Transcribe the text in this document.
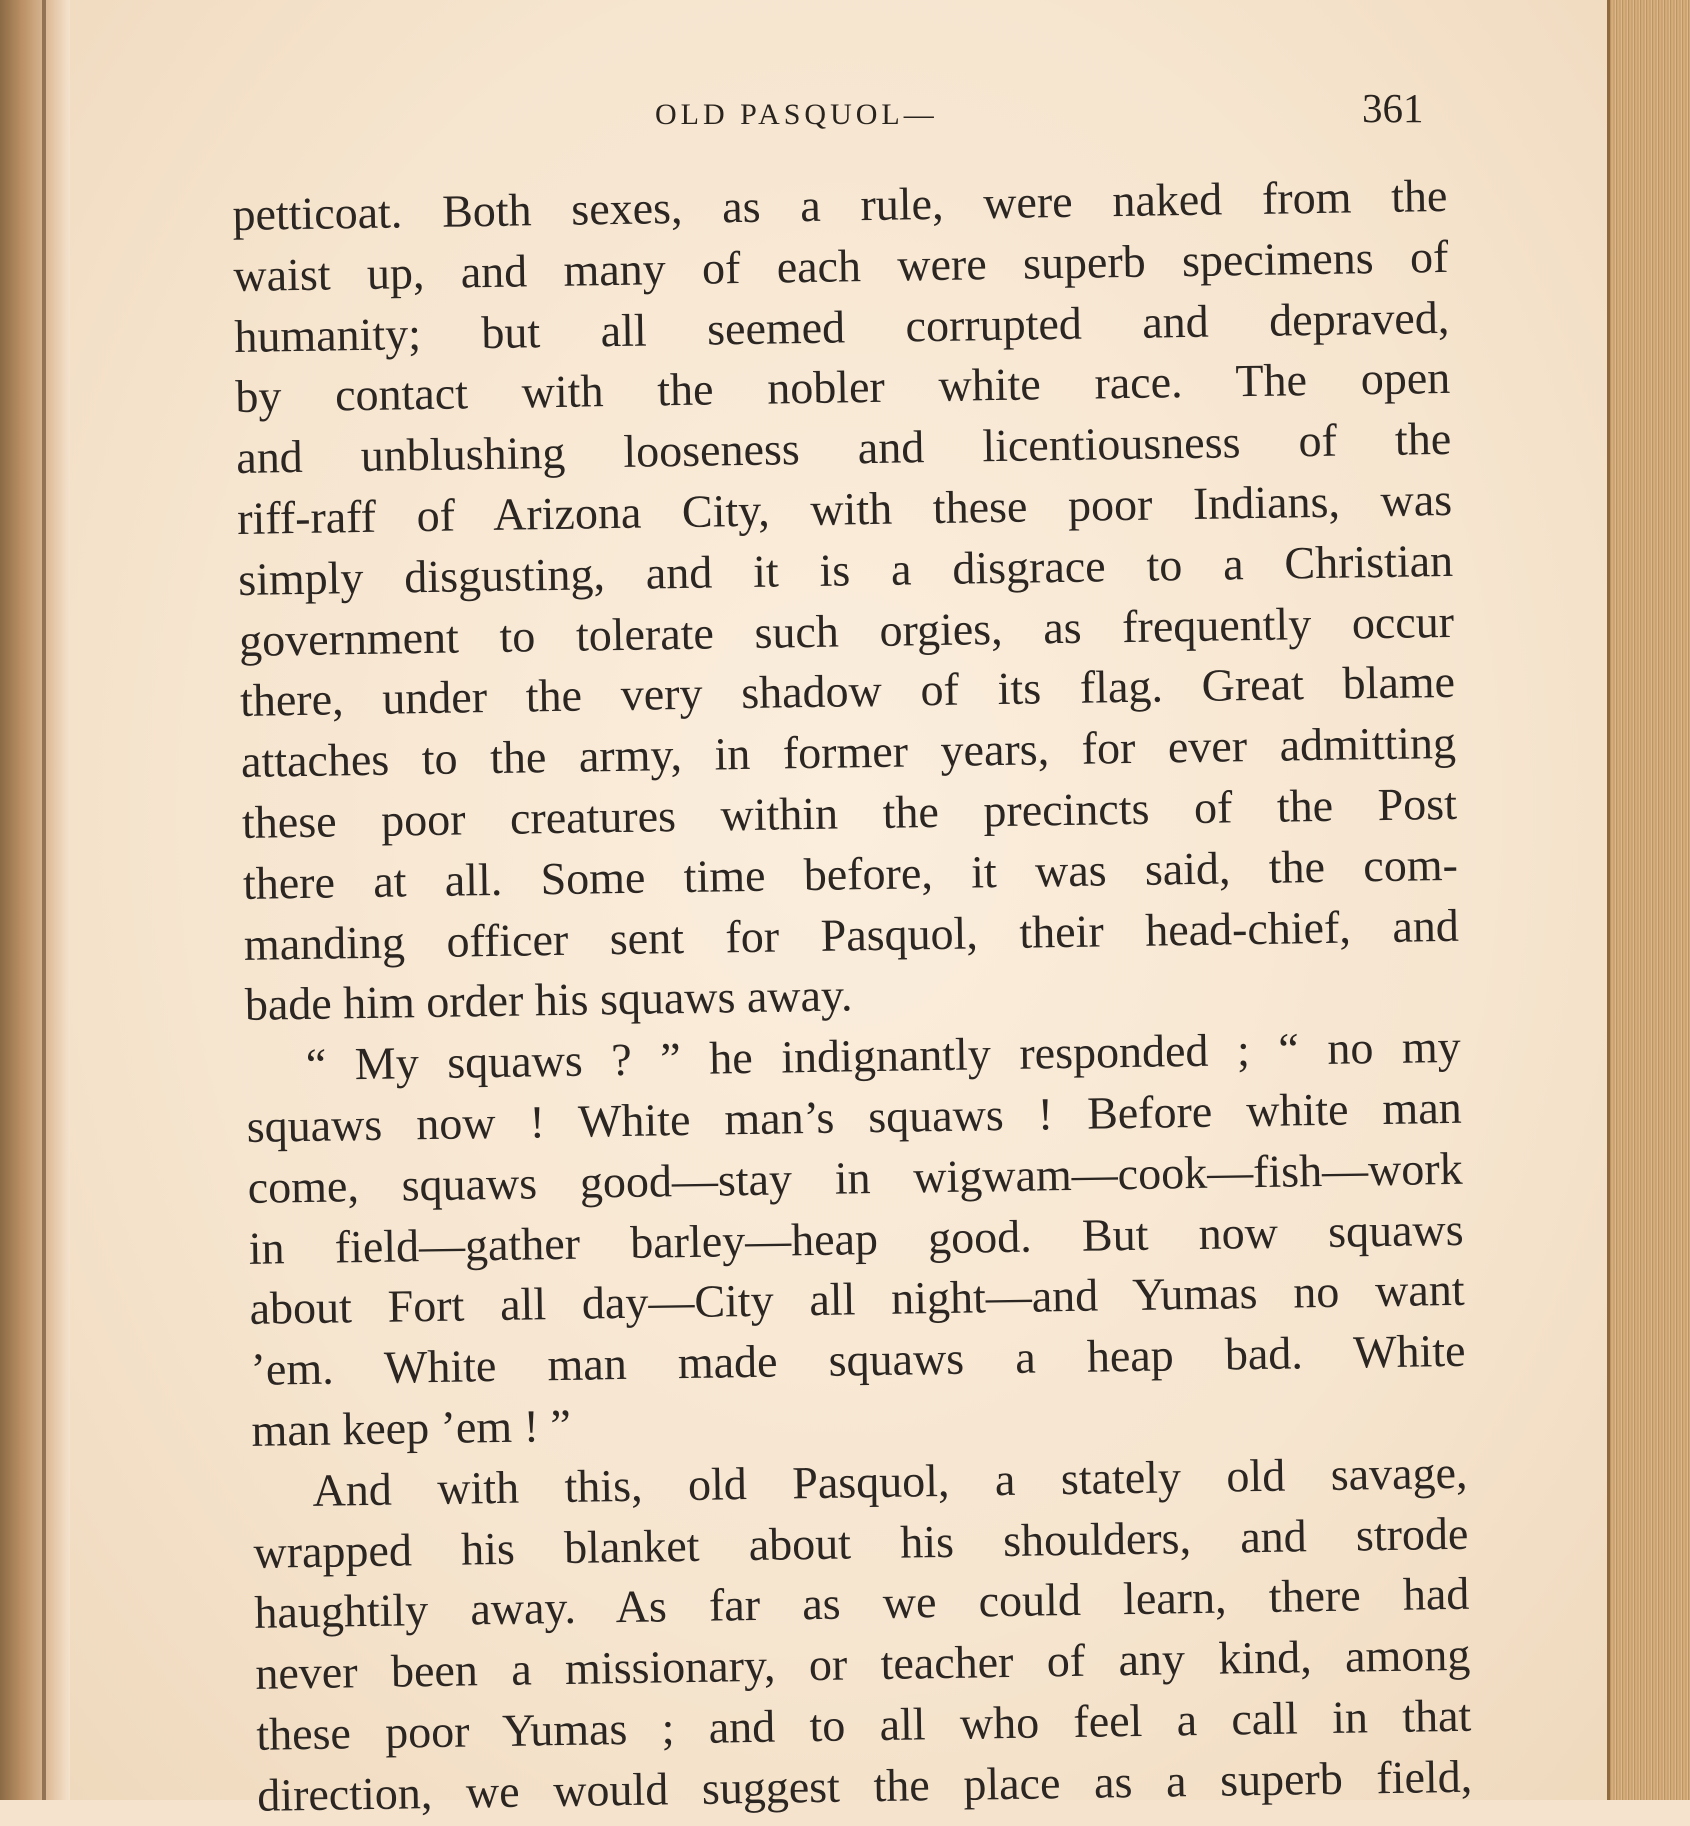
OLD PASQUOL—	361
petticoat. Both sexes, as a rule, were naked from the
waist up, and many of each were superb specimens of
humanity; but all seemed corrupted and depraved,
by contact with the nobler white race. The open
and unblushing looseness and licentiousness of the
riff-raff of Arizona City, with these poor Indians, was
simply disgusting, and it is a disgrace to a Christian
government to tolerate such orgies, as frequently occur
there, under the very shadow of its flag. Great blame
attaches to the army, in former years, for ever admitting
these poor creatures within the precincts of the Post
there at all. Some time before, it was said, the com-
manding officer sent for Pasquol, their head-chief, and
bade him order his squaws away.
“ My squaws ? ” he indignantly responded ; “ no my
squaws now ! White man’s squaws ! Before white man
come, squaws good—stay in wigwam—cook—fish—work
in field—gather barley—heap good. But now squaws
about Fort all day—City all night—and Yumas no want
’em. White man made squaws a heap bad. White
man keep ’em ! ”
And with this, old Pasquol, a stately old savage,
wrapped his blanket about his shoulders, and strode
haughtily away. As far as we could learn, there had
never been a missionary, or teacher of any kind, among
these poor Yumas ; and to all who feel a call in that
direction, we would suggest the place as a superb field,
